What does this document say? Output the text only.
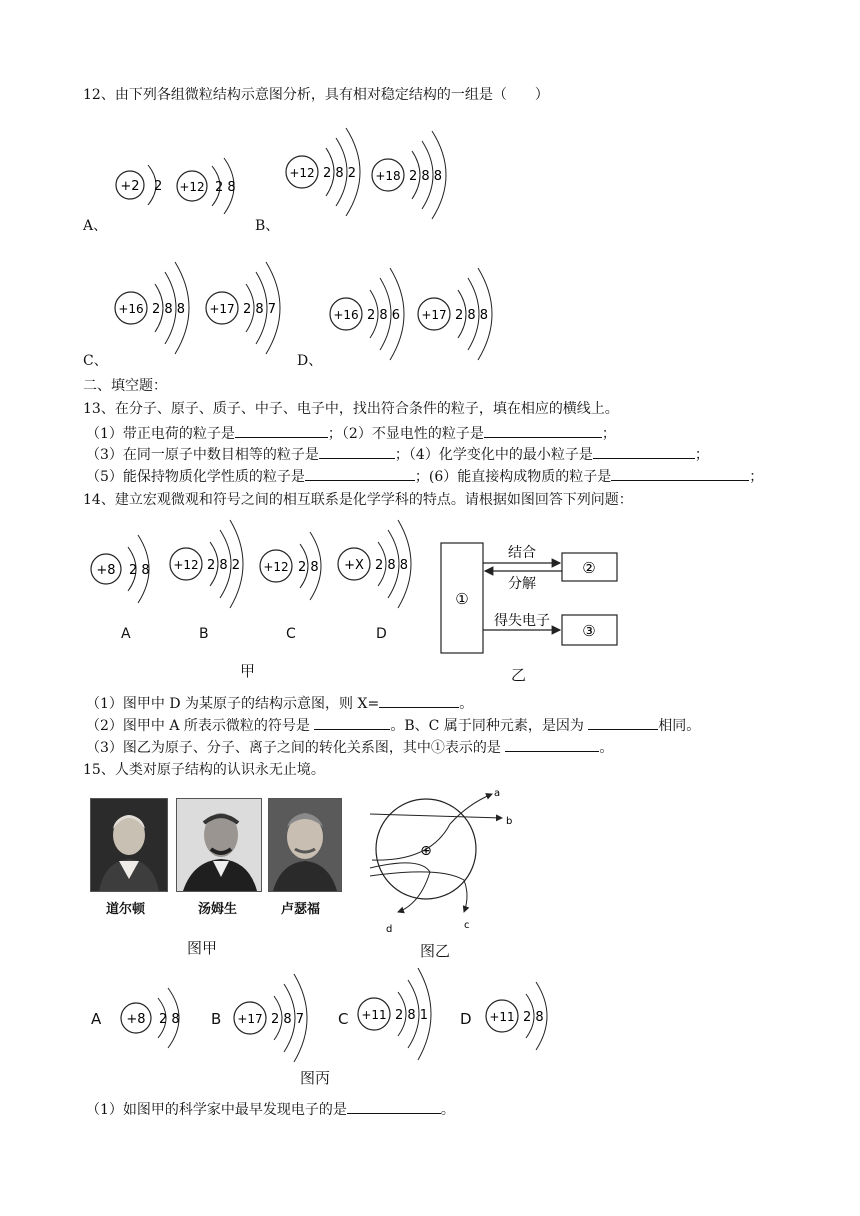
12、由下列各组微粒结构示意图分析，具有相对稳定结构的一组是（　　）
+2 2 +12 2 8
A、
+12 2 8 2 +18 2 8 8
B、
+16 2 8 8 +17 2 8 7
C、
+16 2 8 6 +17 2 8 8
D、
二、填空题：
13、在分子、原子、质子、中子、电子中，找出符合条件的粒子，填在相应的横线上。
（1）带正电荷的粒子是	；（2）不显电性的粒子是	；
（3）在同一原子中数目相等的粒子是	；（4）化学变化中的最小粒子是	；
（5）能保持物质化学性质的粒子是	；(6）能直接构成物质的粒子是	；
14、建立宏观微观和符号之间的相互联系是化学学科的特点。请根据如图回答下列问题：
+8 2 8 +12 2 8 2 +12 2 8 +X 2 8 8
A	B	C	D
甲
①
②
③
结合
分解
得失电子
乙
（1）图甲中 D 为某原子的结构示意图，则 X=	。
（2）图甲中 A 所表示微粒的符号是	。B、C 属于同种元素，是因为	相同。
（3）图乙为原子、分子、离子之间的转化关系图，其中①表示的是	。
15、人类对原子结构的认识永无止境。
道尔顿	汤姆生	卢瑟福
图甲
⊕
a
b
c
d
图乙
A +8 2 8 B +17 2 8 7 C +11 2 8 1 D +11 2 8
图丙
（1）如图甲的科学家中最早发现电子的是	。
